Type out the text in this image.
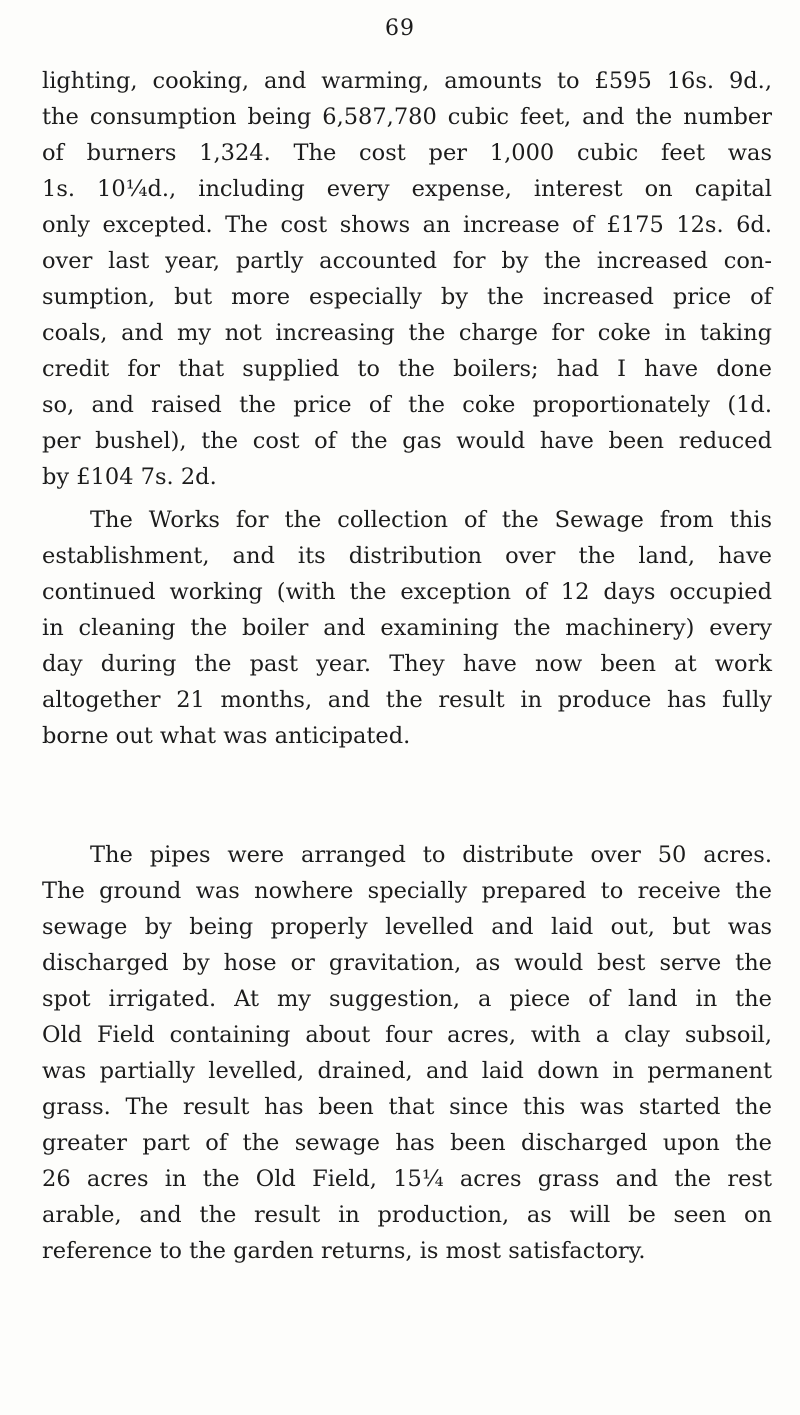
69
lighting, cooking, and warming, amounts to £595 16s. 9d.,
the consumption being 6,587,780 cubic feet, and the number
of burners 1,324. The cost per 1,000 cubic feet was
1s. 10¼d., including every expense, interest on capital
only excepted. The cost shows an increase of £175 12s. 6d.
over last year, partly accounted for by the increased con-
sumption, but more especially by the increased price of
coals, and my not increasing the charge for coke in taking
credit for that supplied to the boilers; had I have done
so, and raised the price of the coke proportionately (1d.
per bushel), the cost of the gas would have been reduced
by £104 7s. 2d.
The Works for the collection of the Sewage from this
establishment, and its distribution over the land, have
continued working (with the exception of 12 days occupied
in cleaning the boiler and examining the machinery) every
day during the past year. They have now been at work
altogether 21 months, and the result in produce has fully
borne out what was anticipated.
The pipes were arranged to distribute over 50 acres.
The ground was nowhere specially prepared to receive the
sewage by being properly levelled and laid out, but was
discharged by hose or gravitation, as would best serve the
spot irrigated. At my suggestion, a piece of land in the
Old Field containing about four acres, with a clay subsoil,
was partially levelled, drained, and laid down in permanent
grass. The result has been that since this was started the
greater part of the sewage has been discharged upon the
26 acres in the Old Field, 15¼ acres grass and the rest
arable, and the result in production, as will be seen on
reference to the garden returns, is most satisfactory.
